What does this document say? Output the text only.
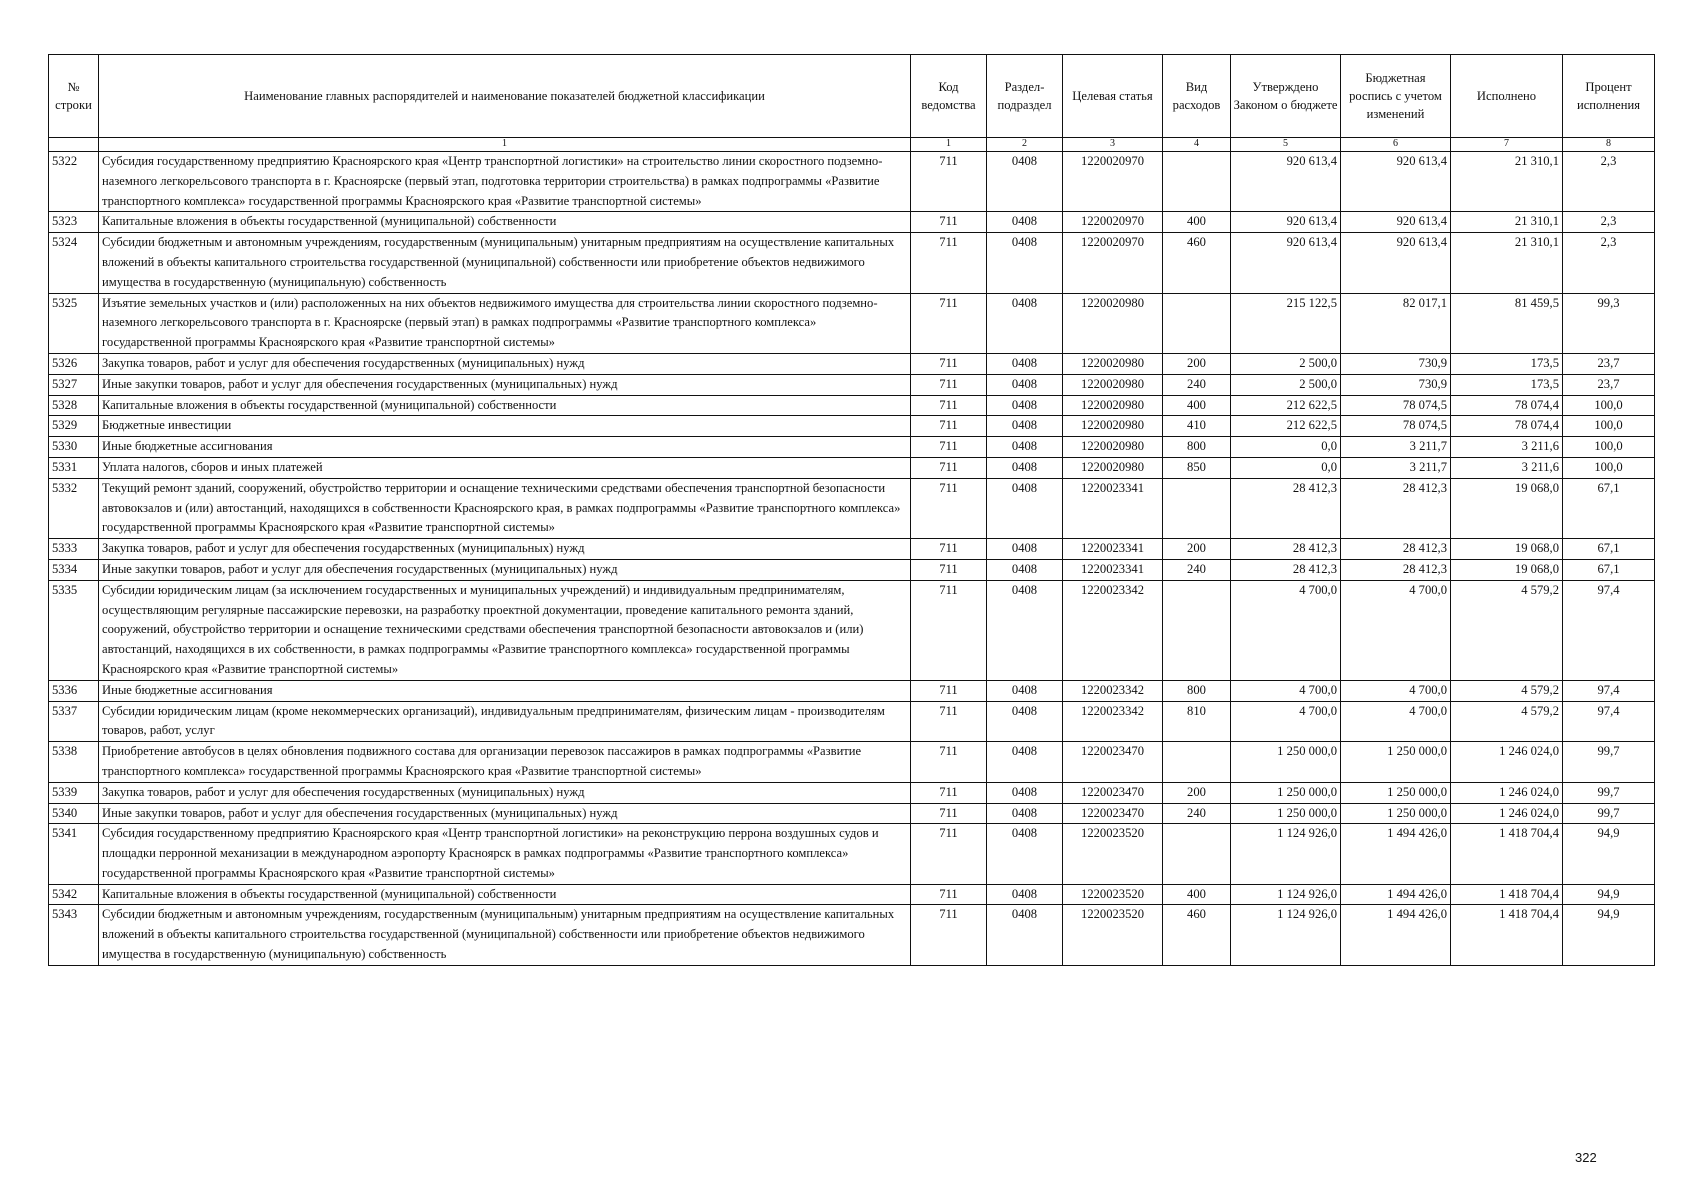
№ строки	Наименование главных распорядителей и наименование показателей бюджетной классификации	Код ведомства	Раздел-подраздел	Целевая статья	Вид расходов	Утверждено Законом о бюджете	Бюджетная роспись с учетом изменений	Исполнено	Процент исполнения
	1	1	2	3	4	5	6	7	8
5322	Субсидия государственному предприятию Красноярского края «Центр транспортной логистики» на строительство линии скоростного подземно-наземного легкорельсового транспорта в г. Красноярске (первый этап, подготовка территории строительства) в рамках подпрограммы «Развитие транспортного комплекса» государственной программы Красноярского края «Развитие транспортной системы»	711	0408	1220020970		920 613,4	920 613,4	21 310,1	2,3
5323	Капитальные вложения в объекты государственной (муниципальной) собственности	711	0408	1220020970	400	920 613,4	920 613,4	21 310,1	2,3
5324	Субсидии бюджетным и автономным учреждениям, государственным (муниципальным) унитарным предприятиям на осуществление капитальных вложений в объекты капитального строительства государственной (муниципальной) собственности или приобретение объектов недвижимого имущества в государственную (муниципальную) собственность	711	0408	1220020970	460	920 613,4	920 613,4	21 310,1	2,3
5325	Изъятие земельных участков и (или) расположенных на них объектов недвижимого имущества для строительства линии скоростного подземно-наземного легкорельсового транспорта в г. Красноярске (первый этап) в рамках подпрограммы «Развитие транспортного комплекса» государственной программы Красноярского края «Развитие транспортной системы»	711	0408	1220020980		215 122,5	82 017,1	81 459,5	99,3
5326	Закупка товаров, работ и услуг для обеспечения государственных (муниципальных) нужд	711	0408	1220020980	200	2 500,0	730,9	173,5	23,7
5327	Иные закупки товаров, работ и услуг для обеспечения государственных (муниципальных) нужд	711	0408	1220020980	240	2 500,0	730,9	173,5	23,7
5328	Капитальные вложения в объекты государственной (муниципальной) собственности	711	0408	1220020980	400	212 622,5	78 074,5	78 074,4	100,0
5329	Бюджетные инвестиции	711	0408	1220020980	410	212 622,5	78 074,5	78 074,4	100,0
5330	Иные бюджетные ассигнования	711	0408	1220020980	800	0,0	3 211,7	3 211,6	100,0
5331	Уплата налогов, сборов и иных платежей	711	0408	1220020980	850	0,0	3 211,7	3 211,6	100,0
5332	Текущий ремонт зданий, сооружений, обустройство территории и оснащение техническими средствами обеспечения транспортной безопасности автовокзалов и (или) автостанций, находящихся в собственности Красноярского края, в рамках подпрограммы «Развитие транспортного комплекса» государственной программы Красноярского края «Развитие транспортной системы»	711	0408	1220023341		28 412,3	28 412,3	19 068,0	67,1
5333	Закупка товаров, работ и услуг для обеспечения государственных (муниципальных) нужд	711	0408	1220023341	200	28 412,3	28 412,3	19 068,0	67,1
5334	Иные закупки товаров, работ и услуг для обеспечения государственных (муниципальных) нужд	711	0408	1220023341	240	28 412,3	28 412,3	19 068,0	67,1
5335	Субсидии юридическим лицам (за исключением государственных и муниципальных учреждений) и индивидуальным предпринимателям, осуществляющим регулярные пассажирские перевозки, на разработку проектной документации, проведение капитального ремонта зданий, сооружений, обустройство территории и оснащение техническими средствами обеспечения транспортной безопасности автовокзалов и (или) автостанций, находящихся в их собственности, в рамках подпрограммы «Развитие транспортного комплекса» государственной программы Красноярского края «Развитие транспортной системы»	711	0408	1220023342		4 700,0	4 700,0	4 579,2	97,4
5336	Иные бюджетные ассигнования	711	0408	1220023342	800	4 700,0	4 700,0	4 579,2	97,4
5337	Субсидии юридическим лицам (кроме некоммерческих организаций), индивидуальным предпринимателям, физическим лицам - производителям товаров, работ, услуг	711	0408	1220023342	810	4 700,0	4 700,0	4 579,2	97,4
5338	Приобретение автобусов в целях обновления подвижного состава для организации перевозок пассажиров в рамках подпрограммы «Развитие транспортного комплекса» государственной программы Красноярского края «Развитие транспортной системы»	711	0408	1220023470		1 250 000,0	1 250 000,0	1 246 024,0	99,7
5339	Закупка товаров, работ и услуг для обеспечения государственных (муниципальных) нужд	711	0408	1220023470	200	1 250 000,0	1 250 000,0	1 246 024,0	99,7
5340	Иные закупки товаров, работ и услуг для обеспечения государственных (муниципальных) нужд	711	0408	1220023470	240	1 250 000,0	1 250 000,0	1 246 024,0	99,7
5341	Субсидия государственному предприятию Красноярского края «Центр транспортной логистики» на реконструкцию перрона воздушных судов и площадки перронной механизации в международном аэропорту Красноярск в рамках подпрограммы «Развитие транспортного комплекса» государственной программы Красноярского края «Развитие транспортной системы»	711	0408	1220023520		1 124 926,0	1 494 426,0	1 418 704,4	94,9
5342	Капитальные вложения в объекты государственной (муниципальной) собственности	711	0408	1220023520	400	1 124 926,0	1 494 426,0	1 418 704,4	94,9
5343	Субсидии бюджетным и автономным учреждениям, государственным (муниципальным) унитарным предприятиям на осуществление капитальных вложений в объекты капитального строительства государственной (муниципальной) собственности или приобретение объектов недвижимого имущества в государственную (муниципальную) собственность	711	0408	1220023520	460	1 124 926,0	1 494 426,0	1 418 704,4	94,9
322
